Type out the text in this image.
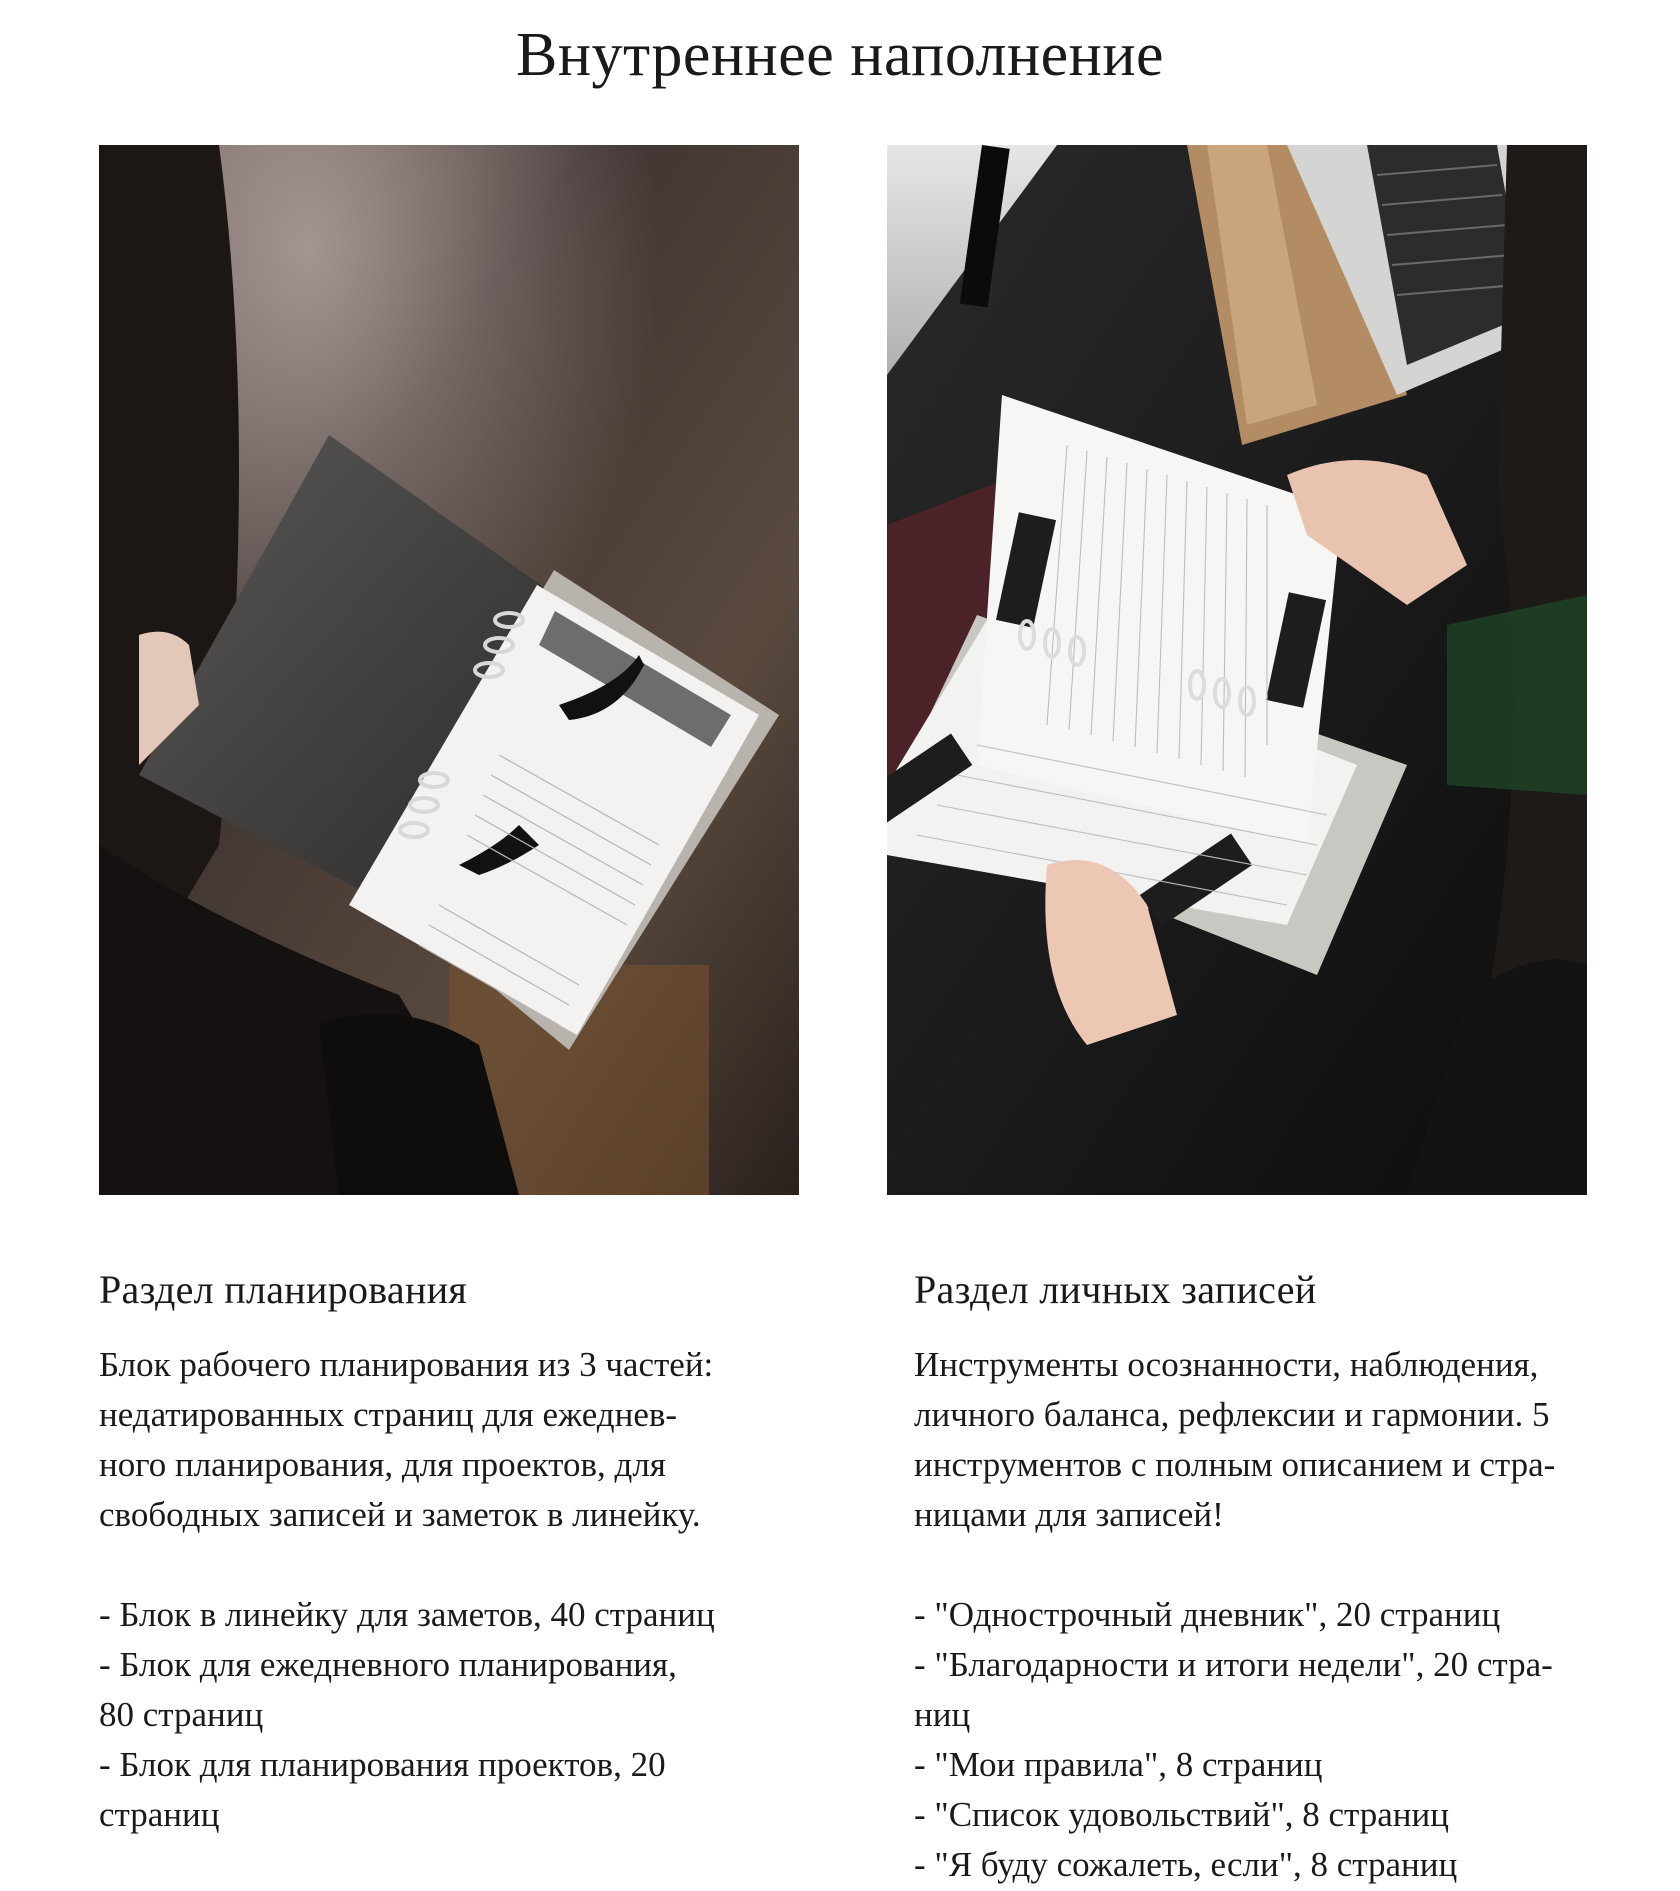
Внутреннее наполнение
Раздел планирования

Блок рабочего планирования из 3 частей:
недатированных страниц для ежеднев-
ного планирования, для проектов, для
свободных записей и заметок в линейку.

- Блок в линейку для заметов, 40 страниц
- Блок для ежедневного планирования,
80 страниц
- Блок для планирования проектов, 20
страниц
Раздел личных записей

Инструменты осознанности, наблюдения,
личного баланса, рефлексии и гармонии. 5
инструментов с полным описанием и стра-
ницами для записей!

- "Однострочный дневник", 20 страниц
- "Благодарности и итоги недели", 20 стра-
ниц
- "Мои правила", 8 страниц
- "Список удовольствий", 8 страниц
- "Я буду сожалеть, если", 8 страниц
